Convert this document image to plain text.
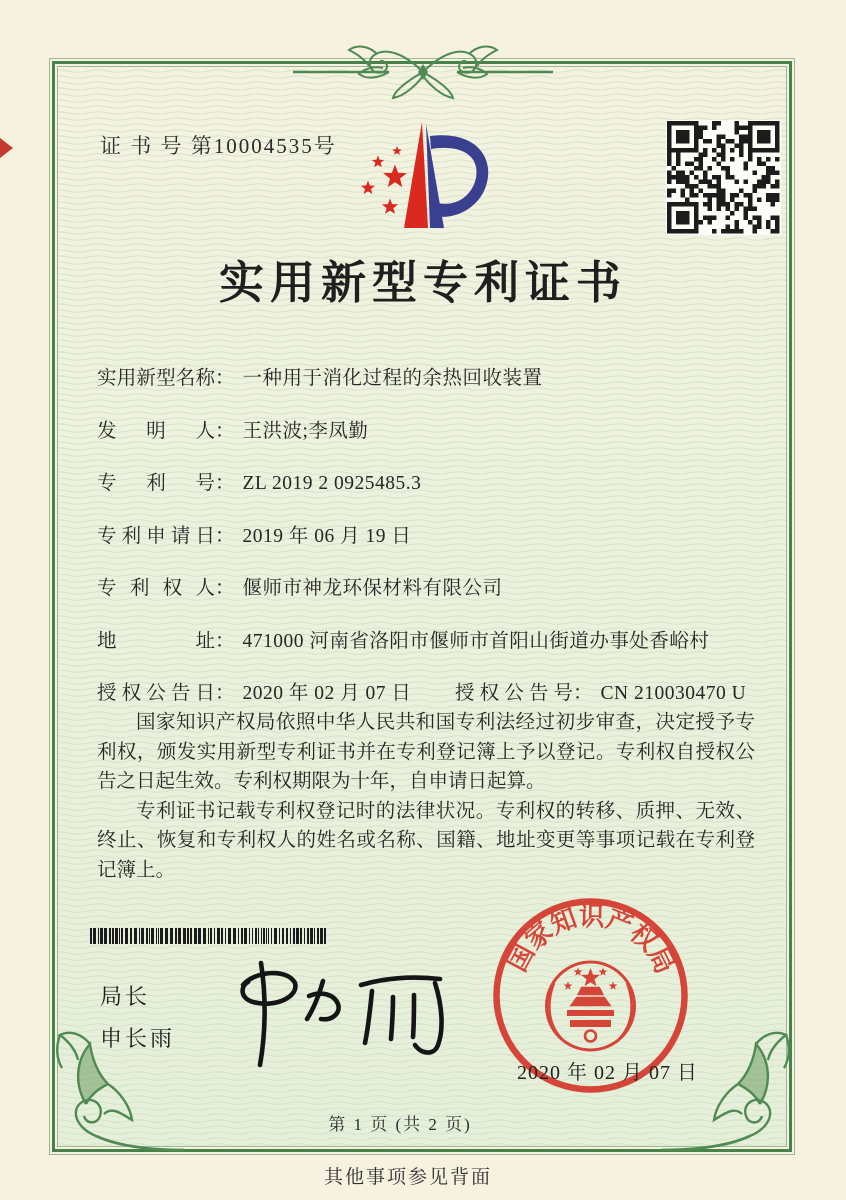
证 书 号 第10004535号
实用新型专利证书
实用新型名称： 一种用于消化过程的余热回收装置
发明人： 王洪波;李凤勤
专利号： ZL 2019 2 0925485.3
专利申请日： 2019 年 06 月 19 日
专利权人： 偃师市神龙环保材料有限公司
地址： 471000 河南省洛阳市偃师市首阳山街道办事处香峪村
授权公告日： 2020 年 02 月 07 日 授权公告号： CN 210030470 U

国家知识产权局依照中华人民共和国专利法经过初步审查，决定授予专利权，颁发实用新型专利证书并在专利登记簿上予以登记。专利权自授权公告之日起生效。专利权期限为十年，自申请日起算。

专利证书记载专利权登记时的法律状况。专利权的转移、质押、无效、终止、恢复和专利权人的姓名或名称、国籍、地址变更等事项记载在专利登记簿上。

局长
申长雨
国家知识产权局
2020 年 02 月 07 日
第 1 页 (共 2 页)
其他事项参见背面
